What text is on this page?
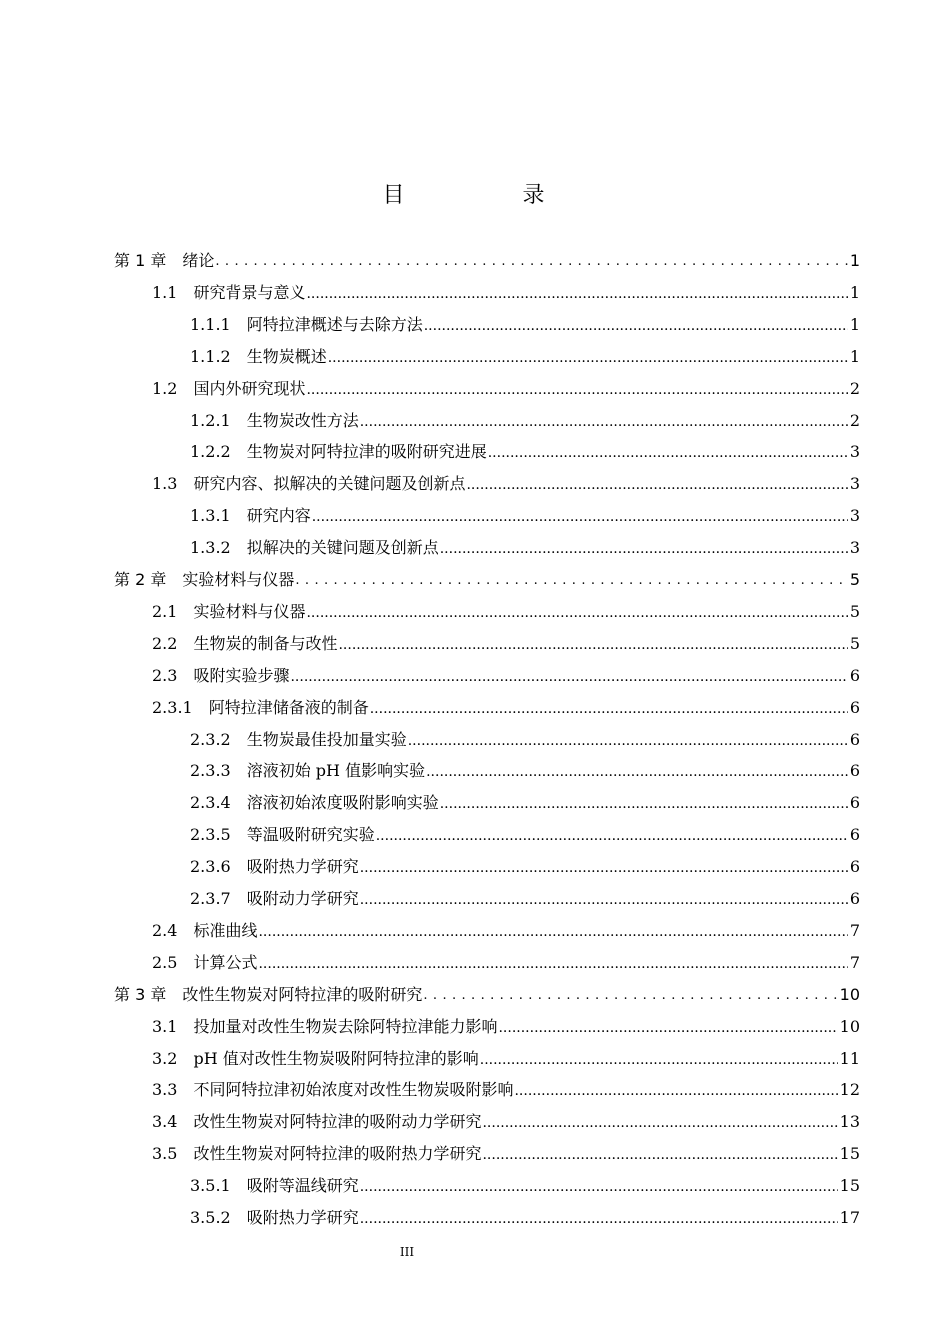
目　录
第 1 章 绪论 .....	1
1.1 研究背景与意义 .....	1
1.1.1 阿特拉津概述与去除方法 .....	1
1.1.2 生物炭概述 .....	1
1.2 国内外研究现状 .....	2
1.2.1 生物炭改性方法 .....	2
1.2.2 生物炭对阿特拉津的吸附研究进展 .....	3
1.3 研究内容、拟解决的关键问题及创新点 .....	3
1.3.1 研究内容 .....	3
1.3.2 拟解决的关键问题及创新点 .....	3
第 2 章 实验材料与仪器 .....	5
2.1 实验材料与仪器 .....	5
2.2 生物炭的制备与改性 .....	5
2.3 吸附实验步骤 .....	6
2.3.1 阿特拉津储备液的制备 .....	6
2.3.2 生物炭最佳投加量实验 .....	6
2.3.3 溶液初始 pH 值影响实验 .....	6
2.3.4 溶液初始浓度吸附影响实验 .....	6
2.3.5 等温吸附研究实验 .....	6
2.3.6 吸附热力学研究 .....	6
2.3.7 吸附动力学研究 .....	6
2.4 标准曲线 .....	7
2.5 计算公式 .....	7
第 3 章 改性生物炭对阿特拉津的吸附研究 .....	10
3.1 投加量对改性生物炭去除阿特拉津能力影响 .....	10
3.2 pH 值对改性生物炭吸附阿特拉津的影响 .....	11
3.3 不同阿特拉津初始浓度对改性生物炭吸附影响 .....	12
3.4 改性生物炭对阿特拉津的吸附动力学研究 .....	13
3.5 改性生物炭对阿特拉津的吸附热力学研究 .....	15
3.5.1 吸附等温线研究 .....	15
3.5.2 吸附热力学研究 .....	17
III
